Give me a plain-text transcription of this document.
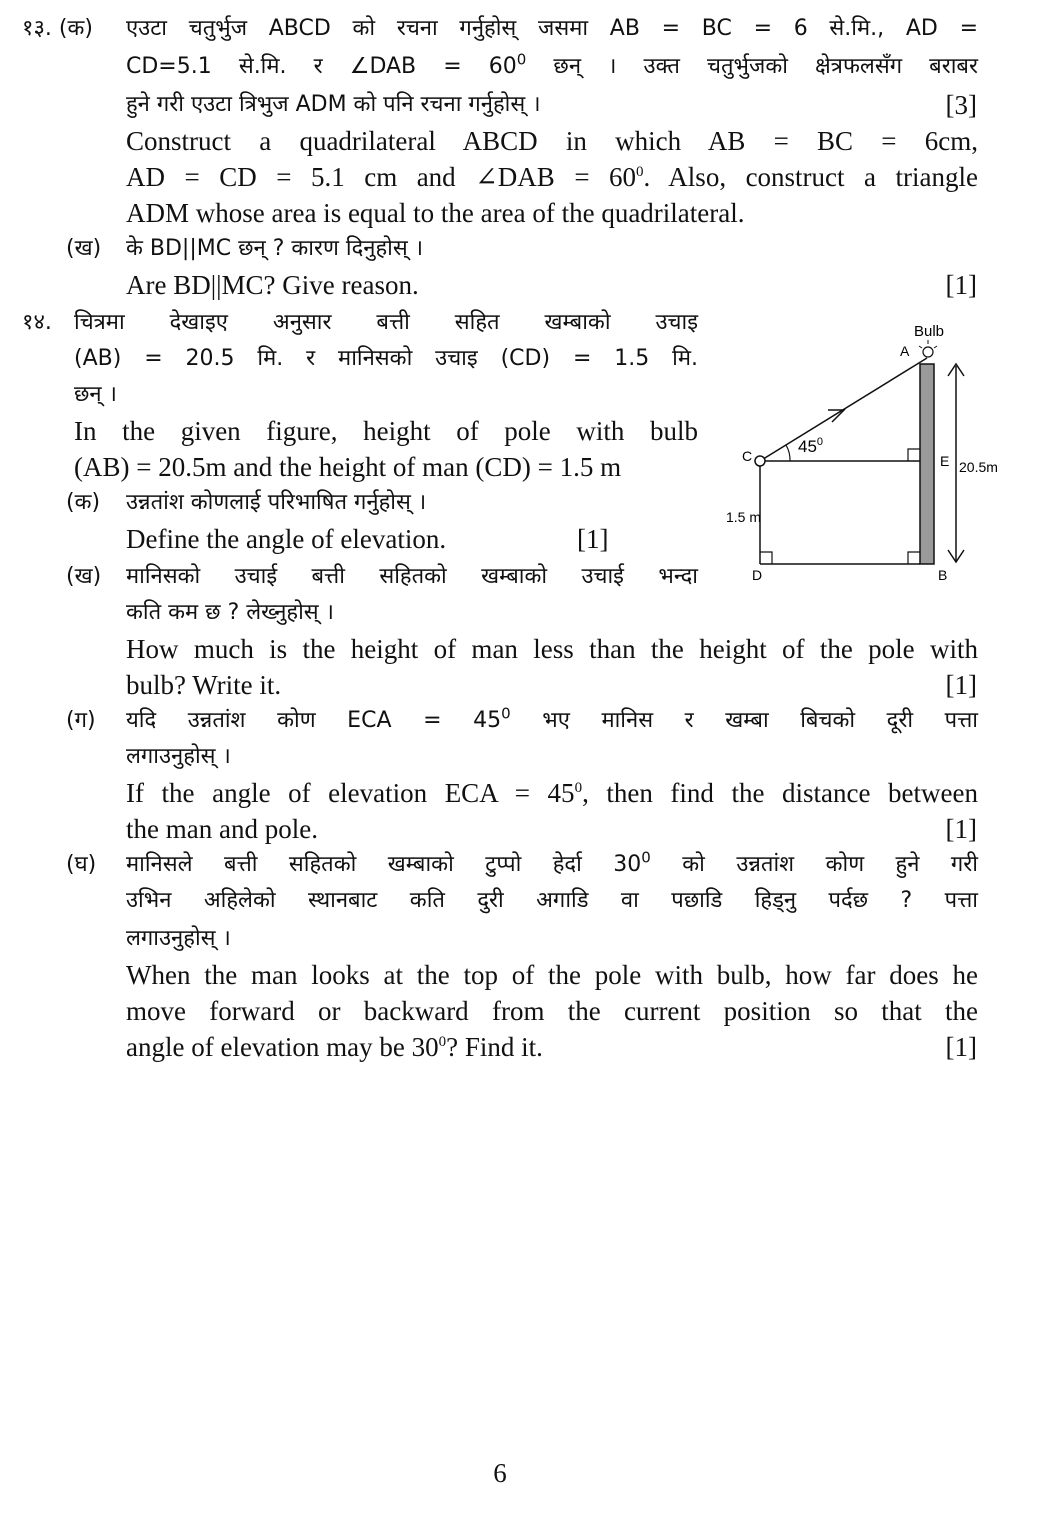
१३. (क) एउटा चतुर्भुज ABCD को रचना गर्नुहोस् जसमा AB = BC = 6 से.मि., AD =
CD=5.1 से.मि. र ∠DAB = $60^0$ छन् । उक्त चतुर्भुजको क्षेत्रफलसँग बराबर
हुने गरी एउटा त्रिभुज ADM को पनि रचना गर्नुहोस् ।	[3]
Construct a quadrilateral ABCD in which AB = BC = 6cm,
AD = CD = 5.1 cm and ∠DAB = $60^0$. Also, construct a triangle
ADM whose area is equal to the area of the quadrilateral.
(ख) के BD||MC छन् ? कारण दिनुहोस् ।
Are BD||MC? Give reason.	[1]
१४. चित्रमा देखाइए अनुसार बत्ती सहित खम्बाको उचाइ
(AB) = 20.5 मि. र मानिसको उचाइ (CD) = 1.5 मि.
छन् ।
In the given figure, height of pole with bulb
(AB) = 20.5m and the height of man (CD) = 1.5 m
(क) उन्नतांश कोणलाई परिभाषित गर्नुहोस् ।
Define the angle of elevation.	[1]
(ख) मानिसको उचाई बत्ती सहितको खम्बाको उचाई भन्दा
कति कम छ ? लेख्नुहोस् ।
How much is the height of man less than the height of the pole with
bulb? Write it.	[1]
(ग) यदि उन्नतांश कोण ECA = $45^0$ भए मानिस र खम्बा बिचको दूरी पत्ता
लगाउनुहोस् ।
If the angle of elevation ECA = $45^0$, then find the distance between
the man and pole.	[1]
(घ) मानिसले बत्ती सहितको खम्बाको टुप्पो हेर्दा $30^0$ को उन्नतांश कोण हुने गरी
उभिन अहिलेको स्थानबाट कति दुरी अगाडि वा पछाडि हिड्नु पर्दछ ? पत्ता
लगाउनुहोस् ।
When the man looks at the top of the pole with bulb, how far does he
move forward or backward from the current position so that the
angle of elevation may be $30^0$? Find it.	[1]
Bulb
A
C	$45^0$
E 20.5m
1.5 m
D	B
6
